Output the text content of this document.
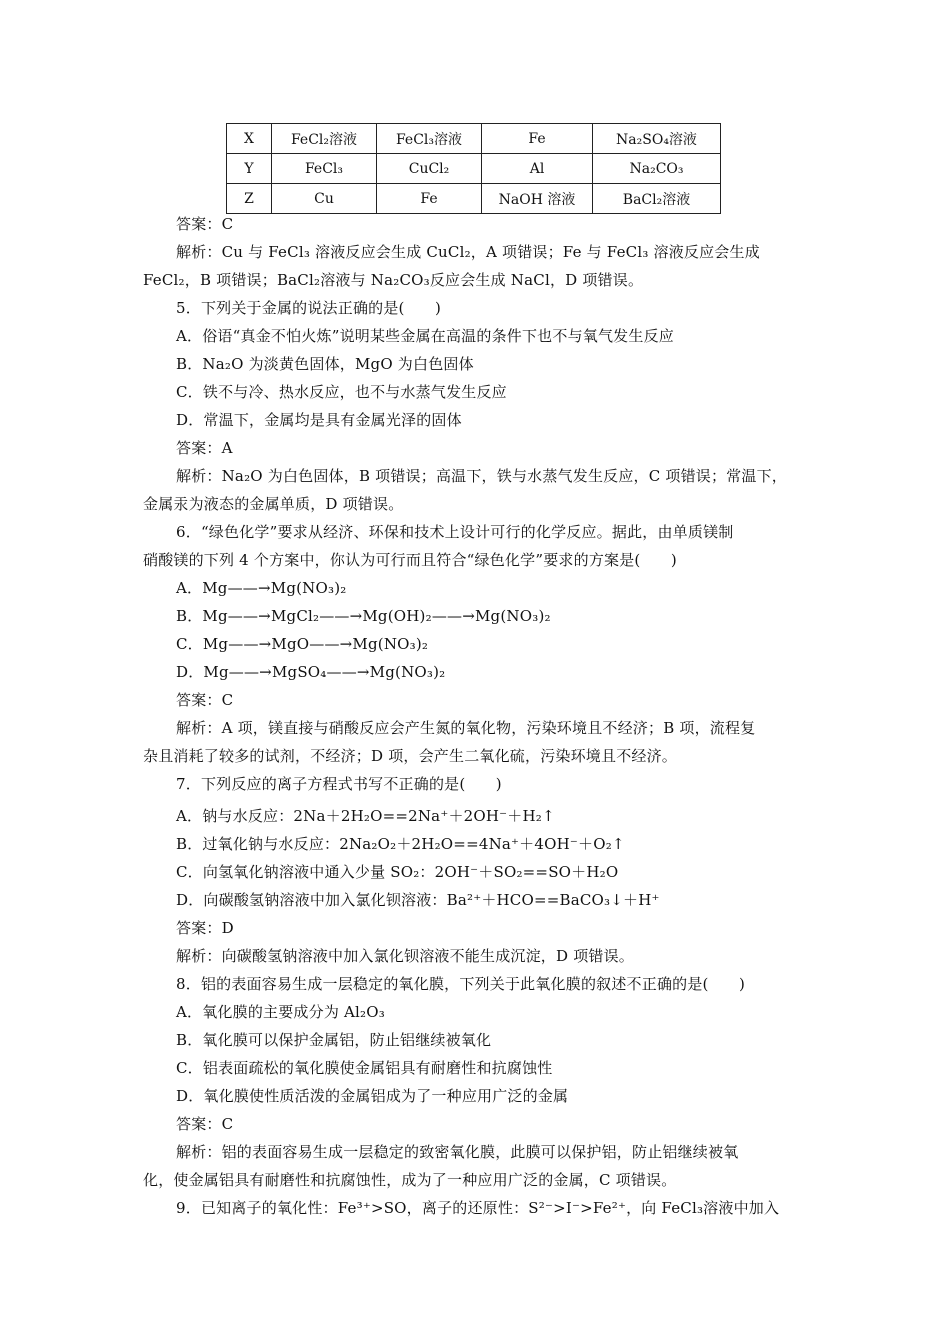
X	FeCl₂溶液	FeCl₃溶液	Fe	Na₂SO₄溶液
Y	FeCl₃	CuCl₂	Al	Na₂CO₃
Z	Cu	Fe	NaOH 溶液	BaCl₂溶液
答案：C
解析：Cu 与 FeCl₃ 溶液反应会生成 CuCl₂，A 项错误；Fe 与 FeCl₃ 溶液反应会生成
FeCl₂，B 项错误；BaCl₂溶液与 Na₂CO₃反应会生成 NaCl，D 项错误。
5．下列关于金属的说法正确的是(　　)
A．俗语“真金不怕火炼”说明某些金属在高温的条件下也不与氧气发生反应
B．Na₂O 为淡黄色固体，MgO 为白色固体
C．铁不与冷、热水反应，也不与水蒸气发生反应
D．常温下，金属均是具有金属光泽的固体
答案：A
解析：Na₂O 为白色固体，B 项错误；高温下，铁与水蒸气发生反应，C 项错误；常温下，
金属汞为液态的金属单质，D 项错误。
6．“绿色化学”要求从经济、环保和技术上设计可行的化学反应。据此，由单质镁制
硝酸镁的下列 4 个方案中，你认为可行而且符合“绿色化学”要求的方案是(　　)
A．Mg——→Mg(NO₃)₂
B．Mg——→MgCl₂——→Mg(OH)₂——→Mg(NO₃)₂
C．Mg——→MgO——→Mg(NO₃)₂
D．Mg——→MgSO₄——→Mg(NO₃)₂
答案：C
解析：A 项，镁直接与硝酸反应会产生氮的氧化物，污染环境且不经济；B 项，流程复
杂且消耗了较多的试剂，不经济；D 项，会产生二氧化硫，污染环境且不经济。
7．下列反应的离子方程式书写不正确的是(　　)
A．钠与水反应：2Na＋2H₂O==2Na⁺＋2OH⁻＋H₂↑
B．过氧化钠与水反应：2Na₂O₂＋2H₂O==4Na⁺＋4OH⁻＋O₂↑
C．向氢氧化钠溶液中通入少量 SO₂：2OH⁻＋SO₂==SO＋H₂O
D．向碳酸氢钠溶液中加入氯化钡溶液：Ba²⁺＋HCO==BaCO₃↓＋H⁺
答案：D
解析：向碳酸氢钠溶液中加入氯化钡溶液不能生成沉淀，D 项错误。
8．铝的表面容易生成一层稳定的氧化膜，下列关于此氧化膜的叙述不正确的是(　　)
A．氧化膜的主要成分为 Al₂O₃
B．氧化膜可以保护金属铝，防止铝继续被氧化
C．铝表面疏松的氧化膜使金属铝具有耐磨性和抗腐蚀性
D．氧化膜使性质活泼的金属铝成为了一种应用广泛的金属
答案：C
解析：铝的表面容易生成一层稳定的致密氧化膜，此膜可以保护铝，防止铝继续被氧
化，使金属铝具有耐磨性和抗腐蚀性，成为了一种应用广泛的金属，C 项错误。
9．已知离子的氧化性：Fe³⁺>SO，离子的还原性：S²⁻>I⁻>Fe²⁺，向 FeCl₃溶液中加入
